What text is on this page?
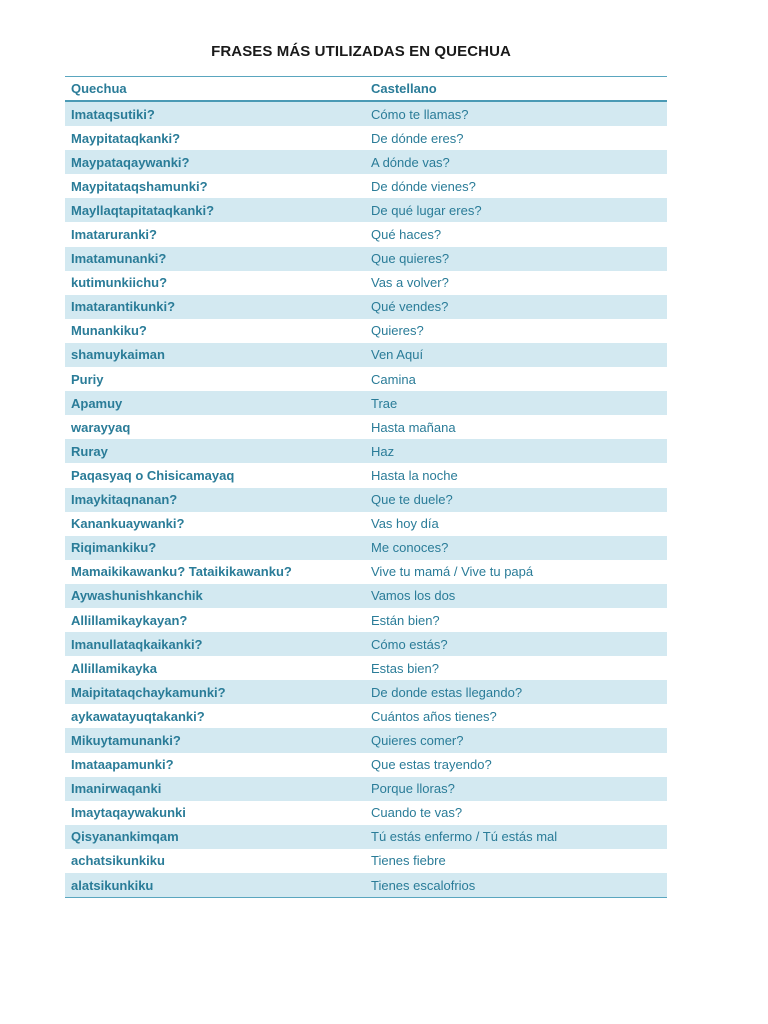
FRASES MÁS UTILIZADAS EN QUECHUA
Quechua	Castellano
Imataqsutiki?	Cómo te llamas?
Maypitataqkanki?	De dónde eres?
Maypataqaywanki?	A dónde vas?
Maypitataqshamunki?	De dónde vienes?
Mayllaqtapitataqkanki?	De qué lugar eres?
Imataruranki?	Qué haces?
Imatamunanki?	Que quieres?
kutimunkiichu?	Vas a volver?
Imatarantikunki?	Qué vendes?
Munankiku?	Quieres?
shamuykaiman	Ven Aquí
Puriy	Camina
Apamuy	Trae
warayyaq	Hasta mañana
Ruray	Haz
Paqasyaq o Chisicamayaq	Hasta la noche
Imaykitaqnanan?	Que te duele?
Kanankuaywanki?	Vas hoy día
Riqimankiku?	Me conoces?
Mamaikikawanku? Tataikikawanku?	Vive tu mamá / Vive tu papá
Aywashunishkanchik	Vamos los dos
Allillamikaykayan?	Están bien?
Imanullataqkaikanki?	Cómo estás?
Allillamikayka	Estas bien?
Maipitataqchaykamunki?	De donde estas llegando?
aykawatayuqtakanki?	Cuántos años tienes?
Mikuytamunanki?	Quieres comer?
Imataapamunki?	Que estas trayendo?
Imanirwaqanki	Porque lloras?
Imaytaqaywakunki	Cuando te vas?
Qisyanankimqam	Tú estás enfermo / Tú estás mal
achatsikunkiku	Tienes fiebre
alatsikunkiku	Tienes escalofrios
